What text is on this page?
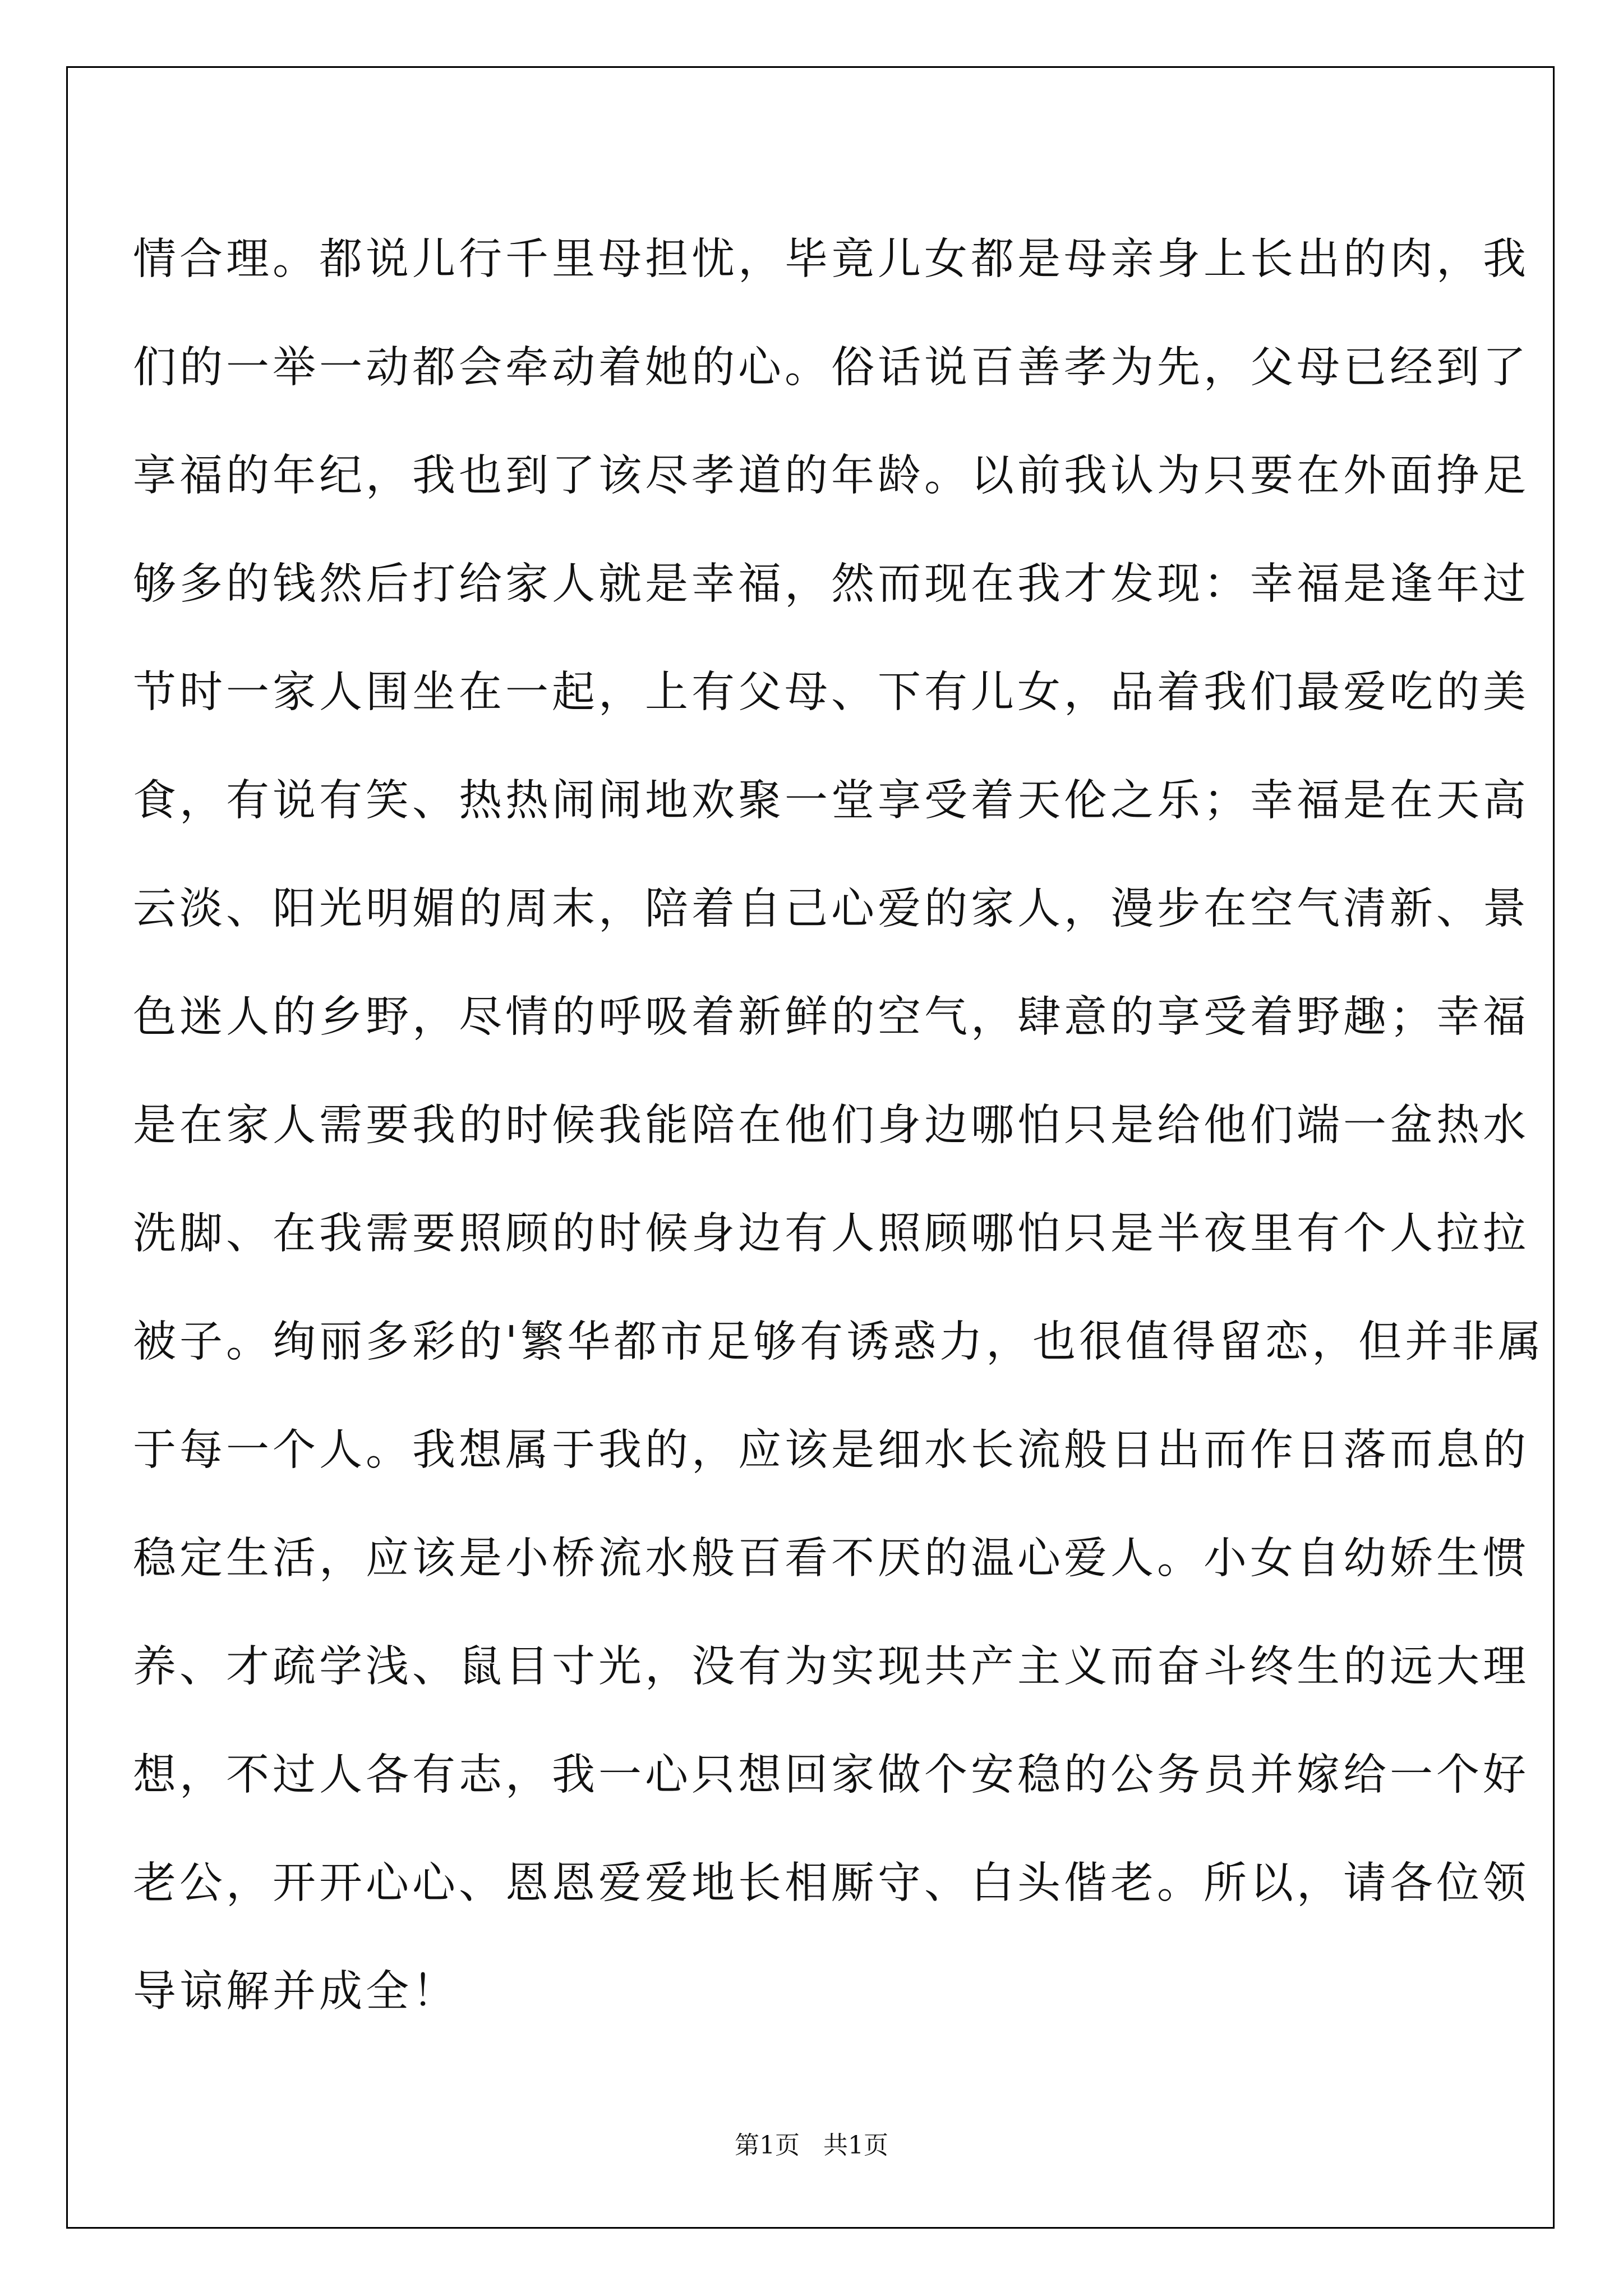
情合理。都说儿行千里母担忧，毕竟儿女都是母亲身上长出的肉，我
们的一举一动都会牵动着她的心。俗话说百善孝为先，父母已经到了
享福的年纪，我也到了该尽孝道的年龄。以前我认为只要在外面挣足
够多的钱然后打给家人就是幸福，然而现在我才发现：幸福是逢年过
节时一家人围坐在一起，上有父母、下有儿女，品着我们最爱吃的美
食，有说有笑、热热闹闹地欢聚一堂享受着天伦之乐；幸福是在天高
云淡、阳光明媚的周末，陪着自己心爱的家人，漫步在空气清新、景
色迷人的乡野，尽情的呼吸着新鲜的空气，肆意的享受着野趣；幸福
是在家人需要我的时候我能陪在他们身边哪怕只是给他们端一盆热水
洗脚、在我需要照顾的时候身边有人照顾哪怕只是半夜里有个人拉拉
被子。绚丽多彩的'繁华都市足够有诱惑力，也很值得留恋，但并非属
于每一个人。我想属于我的，应该是细水长流般日出而作日落而息的
稳定生活，应该是小桥流水般百看不厌的温心爱人。小女自幼娇生惯
养、才疏学浅、鼠目寸光，没有为实现共产主义而奋斗终生的远大理
想，不过人各有志，我一心只想回家做个安稳的公务员并嫁给一个好
老公，开开心心、恩恩爱爱地长相厮守、白头偕老。所以，请各位领
导谅解并成全！
第1页   共1页
